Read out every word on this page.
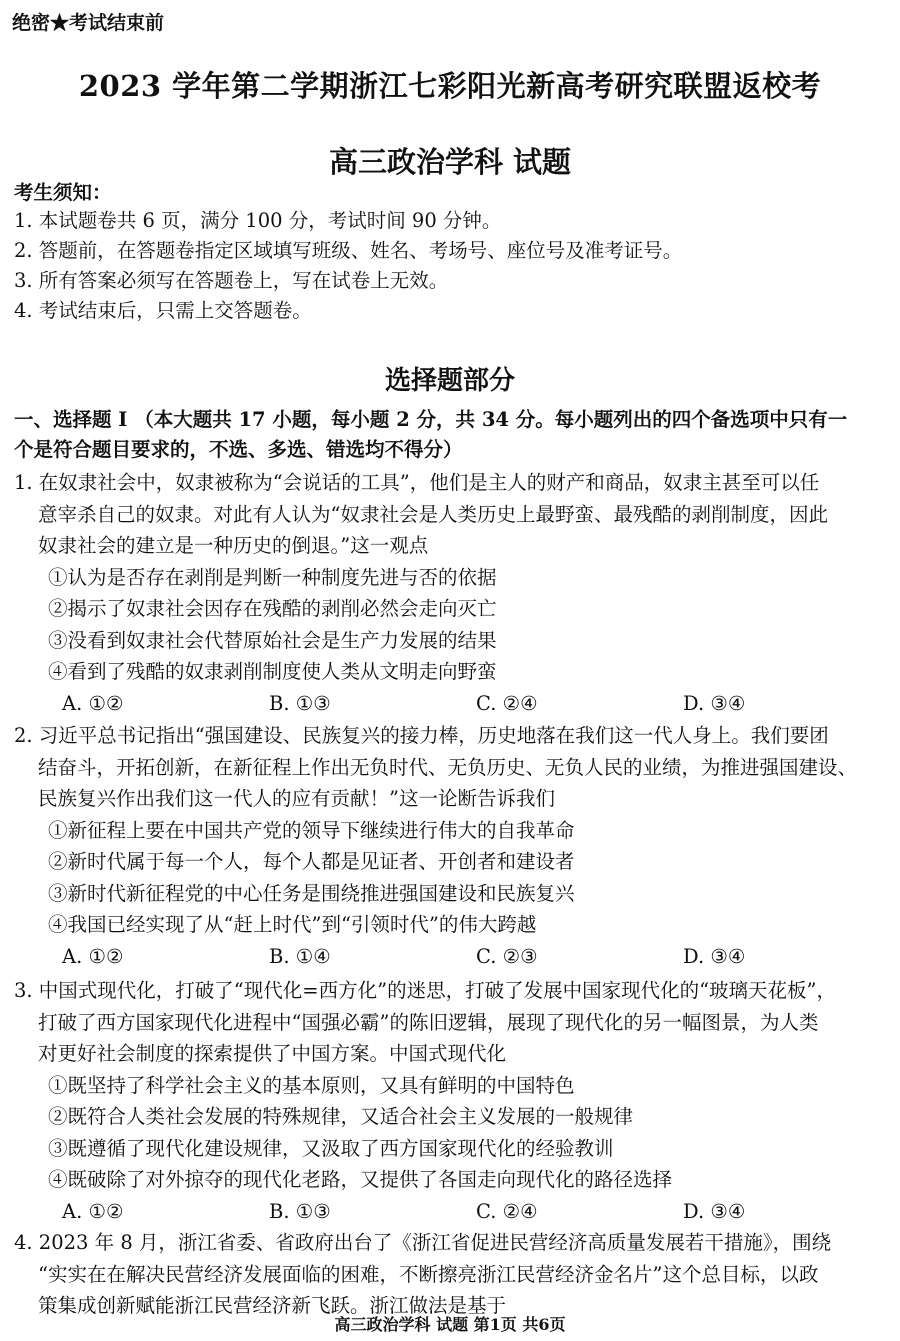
绝密★考试结束前
2023 学年第二学期浙江七彩阳光新高考研究联盟返校考
高三政治学科 试题
考生须知：
1. 本试题卷共 6 页，满分 100 分，考试时间 90 分钟。
2. 答题前，在答题卷指定区域填写班级、姓名、考场号、座位号及准考证号。
3. 所有答案必须写在答题卷上，写在试卷上无效。
4. 考试结束后，只需上交答题卷。
选择题部分
一、选择题 I （本大题共 17 小题，每小题 2 分，共 34 分。每小题列出的四个备选项中只有一
个是符合题目要求的，不选、多选、错选均不得分）
1. 在奴隶社会中，奴隶被称为“会说话的工具”，他们是主人的财产和商品，奴隶主甚至可以任
意宰杀自己的奴隶。对此有人认为“奴隶社会是人类历史上最野蛮、最残酷的剥削制度，因此
奴隶社会的建立是一种历史的倒退。”这一观点
①认为是否存在剥削是判断一种制度先进与否的依据
②揭示了奴隶社会因存在残酷的剥削必然会走向灭亡
③没看到奴隶社会代替原始社会是生产力发展的结果
④看到了残酷的奴隶剥削制度使人类从文明走向野蛮
A. ①②	B. ①③	C. ②④	D. ③④
2. 习近平总书记指出“强国建设、民族复兴的接力棒，历史地落在我们这一代人身上。我们要团
结奋斗，开拓创新，在新征程上作出无负时代、无负历史、无负人民的业绩，为推进强国建设、
民族复兴作出我们这一代人的应有贡献！”这一论断告诉我们
①新征程上要在中国共产党的领导下继续进行伟大的自我革命
②新时代属于每一个人，每个人都是见证者、开创者和建设者
③新时代新征程党的中心任务是围绕推进强国建设和民族复兴
④我国已经实现了从“赶上时代”到“引领时代”的伟大跨越
A. ①②	B. ①④	C. ②③	D. ③④
3. 中国式现代化，打破了“现代化=西方化”的迷思，打破了发展中国家现代化的“玻璃天花板”，
打破了西方国家现代化进程中“国强必霸”的陈旧逻辑，展现了现代化的另一幅图景，为人类
对更好社会制度的探索提供了中国方案。中国式现代化
①既坚持了科学社会主义的基本原则，又具有鲜明的中国特色
②既符合人类社会发展的特殊规律，又适合社会主义发展的一般规律
③既遵循了现代化建设规律，又汲取了西方国家现代化的经验教训
④既破除了对外掠夺的现代化老路，又提供了各国走向现代化的路径选择
A. ①②	B. ①③	C. ②④	D. ③④
4. 2023 年 8 月，浙江省委、省政府出台了《浙江省促进民营经济高质量发展若干措施》，围绕
“实实在在解决民营经济发展面临的困难，不断擦亮浙江民营经济金名片”这个总目标，以政
策集成创新赋能浙江民营经济新飞跃。浙江做法是基于
高三政治学科 试题 第1页 共6页
